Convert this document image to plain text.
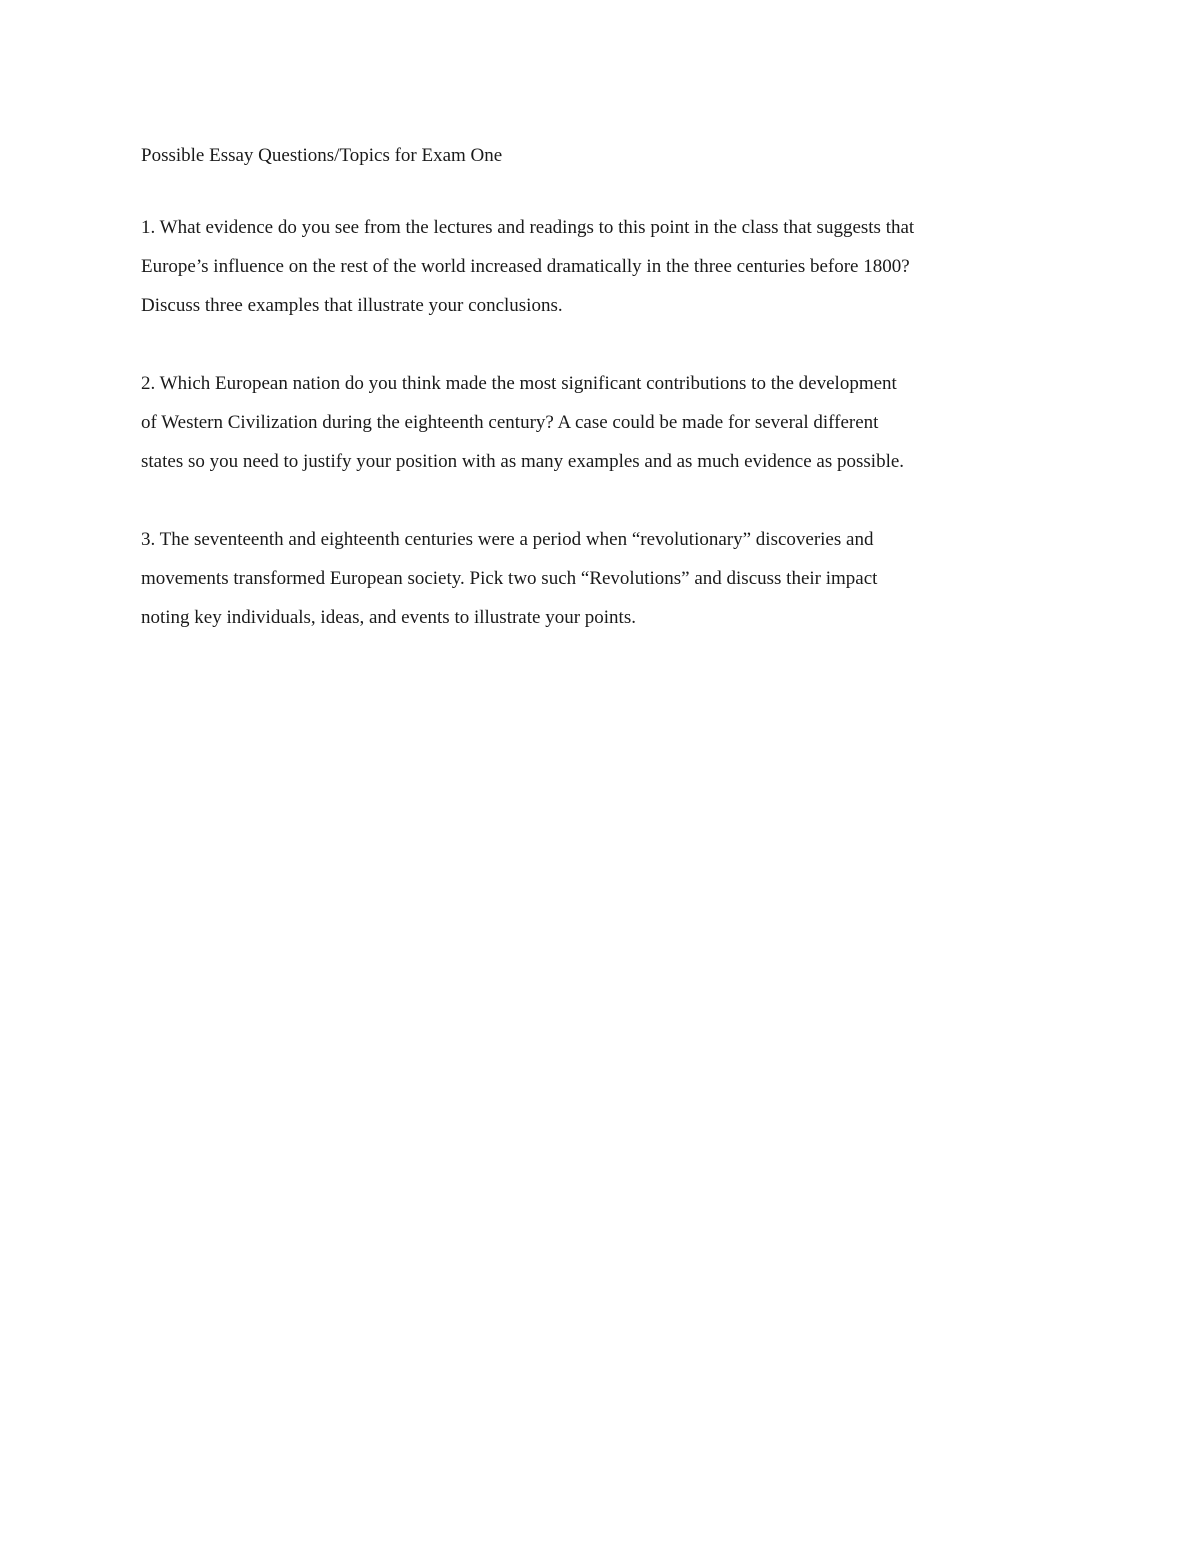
Possible Essay Questions/Topics for Exam One

1. What evidence do you see from the lectures and readings to this point in the class that suggests that
Europe’s influence on the rest of the world increased dramatically in the three centuries before 1800?
Discuss three examples that illustrate your conclusions.
2. Which European nation do you think made the most significant contributions to the development
of Western Civilization during the eighteenth century? A case could be made for several different
states so you need to justify your position with as many examples and as much evidence as possible.
3. The seventeenth and eighteenth centuries were a period when “revolutionary” discoveries and
movements transformed European society. Pick two such “Revolutions” and discuss their impact
noting key individuals, ideas, and events to illustrate your points.
